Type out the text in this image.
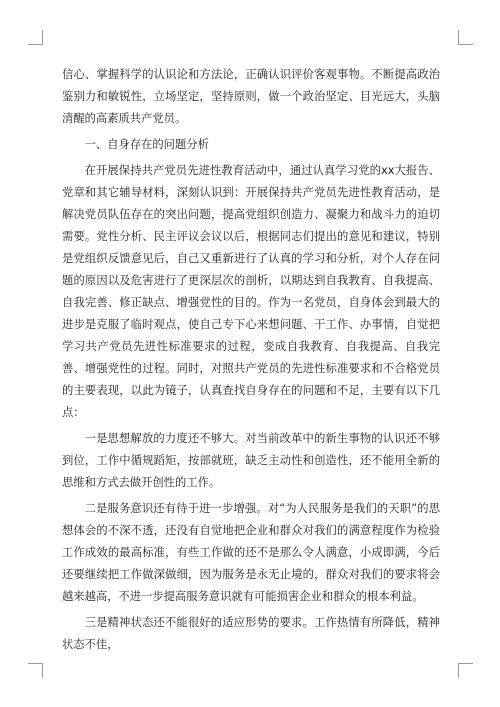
信心、掌握科学的认识论和方法论，正确认识评价客观事物。不断提高政治鉴别力和敏锐性，立场坚定，坚持原则，做一个政治坚定、目光远大，头脑清醒的高素质共产党员。

一、自身存在的问题分析

在开展保持共产党员先进性教育活动中，通过认真学习党的xx大报告、党章和其它辅导材料，深刻认识到：开展保持共产党员先进性教育活动，是解决党员队伍存在的突出问题，提高党组织创造力、凝聚力和战斗力的迫切需要。党性分析、民主评议会议以后，根据同志们提出的意见和建议，特别是党组织反馈意见后，自己又重新进行了认真的学习和分析，对个人存在问题的原因以及危害进行了更深层次的剖析，以期达到自我教育、自我提高、自我完善、修正缺点、增强党性的目的。作为一名党员，自身体会到最大的进步是克服了临时观点，使自己专下心来想问题、干工作、办事情，自觉把学习共产党员先进性标准要求的过程，变成自我教育、自我提高、自我完善、增强党性的过程。同时，对照共产党员的先进性标准要求和不合格党员的主要表现，以此为镜子，认真查找自身存在的问题和不足，主要有以下几点：

一是思想解放的力度还不够大。对当前改革中的新生事物的认识还不够到位，工作中循规蹈矩，按部就班，缺乏主动性和创造性，还不能用全新的思维和方式去做开创性的工作。

二是服务意识还有待于进一步增强。对“为人民服务是我们的天职”的思想体会的不深不透，还没有自觉地把企业和群众对我们的满意程度作为检验工作成效的最高标准，有些工作做的还不是那么令人满意，小成即满，今后还要继续把工作做深做细，因为服务是永无止境的，群众对我们的要求将会越来越高，不进一步提高服务意识就有可能损害企业和群众的根本利益。

三是精神状态还不能很好的适应形势的要求。工作热情有所降低，精神状态不佳，
